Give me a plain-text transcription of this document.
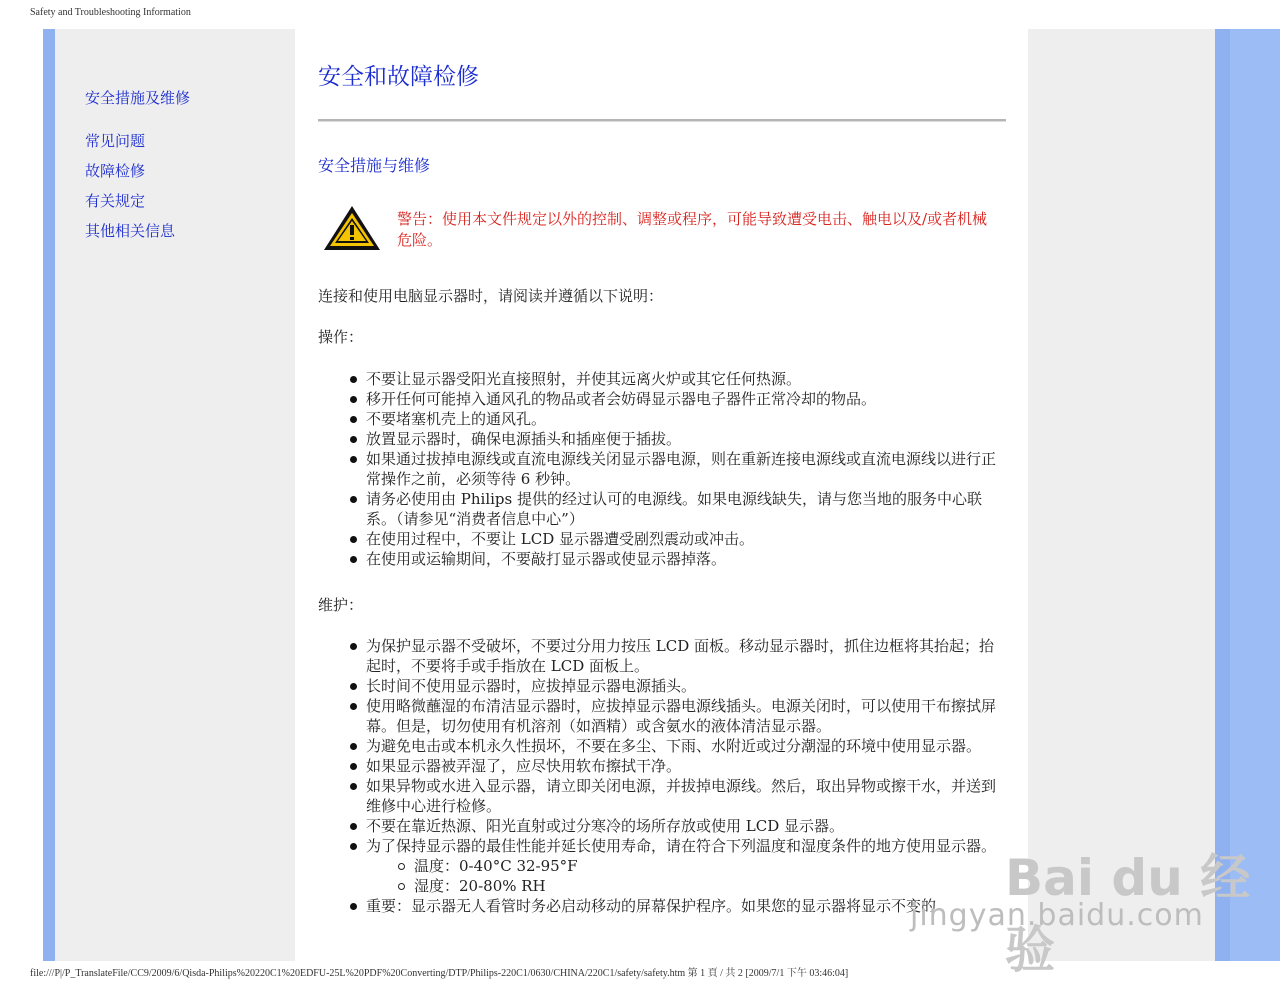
Safety and Troubleshooting Information
安全措施及维修
常见问题
故障检修
有关规定
其他相关信息
安全和故障检修
安全措施与维修
警告：使用本文件规定以外的控制、调整或程序，可能导致遭受电击、触电以及/或者机械危险。

连接和使用电脑显示器时，请阅读并遵循以下说明：

操作：

不要让显示器受阳光直接照射，并使其远离火炉或其它任何热源。
移开任何可能掉入通风孔的物品或者会妨碍显示器电子器件正常冷却的物品。
不要堵塞机壳上的通风孔。
放置显示器时，确保电源插头和插座便于插拔。
如果通过拔掉电源线或直流电源线关闭显示器电源，则在重新连接电源线或直流电源线以进行正常操作之前，必须等待 6 秒钟。
请务必使用由 Philips 提供的经过认可的电源线。如果电源线缺失，请与您当地的服务中心联系。（请参见“消费者信息中心”）
在使用过程中，不要让 LCD 显示器遭受剧烈震动或冲击。
在使用或运输期间，不要敲打显示器或使显示器掉落。

维护：

为保护显示器不受破坏，不要过分用力按压 LCD 面板。移动显示器时，抓住边框将其抬起；抬起时，不要将手或手指放在 LCD 面板上。
长时间不使用显示器时，应拔掉显示器电源插头。
使用略微蘸湿的布清洁显示器时，应拔掉显示器电源线插头。电源关闭时，可以使用干布擦拭屏幕。但是，切勿使用有机溶剂（如酒精）或含氨水的液体清洁显示器。
为避免电击或本机永久性损坏，不要在多尘、下雨、水附近或过分潮湿的环境中使用显示器。
如果显示器被弄湿了，应尽快用软布擦拭干净。
如果异物或水进入显示器，请立即关闭电源，并拔掉电源线。然后，取出异物或擦干水，并送到维修中心进行检修。
不要在靠近热源、阳光直射或过分寒冷的场所存放或使用 LCD 显示器。
为了保持显示器的最佳性能并延长使用寿命，请在符合下列温度和湿度条件的地方使用显示器。
温度：0-40°C 32-95°F
湿度：20-80% RH
重要：显示器无人看管时务必启动移动的屏幕保护程序。如果您的显示器将显示不变的	Bai du 经验
jingyan.baidu.com
file:///P|/P_TranslateFile/CC9/2009/6/Qisda-Philips%20220C1%20EDFU-25L%20PDF%20Converting/DTP/Philips-220C1/0630/CHINA/220C1/safety/safety.htm 第 1 頁 / 共 2 [2009/7/1 下午 03:46:04]
